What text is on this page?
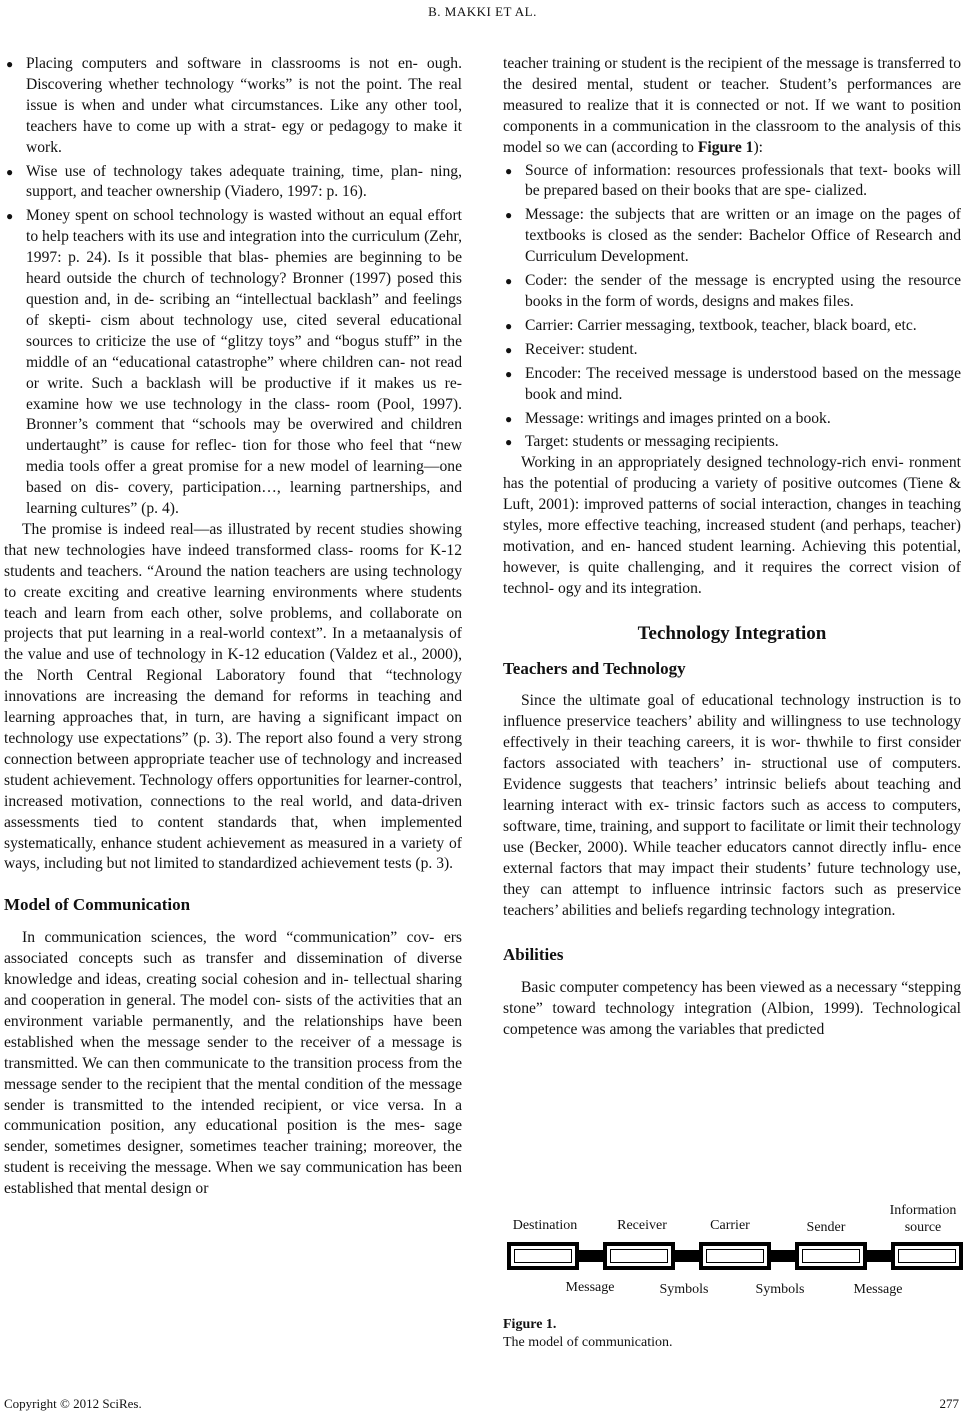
B. MAKKI ET AL.
● Placing computers and software in classrooms is not en- ough. Discovering whether technology “works” is not the point. The real issue is when and under what circumstances. Like any other tool, teachers have to come up with a strat- egy or pedagogy to make it work.
● Wise use of technology takes adequate training, time, plan- ning, support, and teacher ownership (Viadero, 1997: p. 16).
● Money spent on school technology is wasted without an equal effort to help teachers with its use and integration into the curriculum (Zehr, 1997: p. 24). Is it possible that blas- phemies are beginning to be heard outside the church of technology? Bronner (1997) posed this question and, in de- scribing an “intellectual backlash” and feelings of skepti- cism about technology use, cited several educational sources to criticize the use of “glitzy toys” and “bogus stuff” in the middle of an “educational catastrophe” where children can- not read or write. Such a backlash will be productive if it makes us re-examine how we use technology in the class- room (Pool, 1997). Bronner’s comment that “schools may be overwired and children undertaught” is cause for reflec- tion for those who feel that “new media tools offer a great promise for a new model of learning—one based on dis- covery, participation…, learning partnerships, and learning cultures” (p. 4).

The promise is indeed real—as illustrated by recent studies showing that new technologies have indeed transformed class- rooms for K-12 students and teachers. “Around the nation teachers are using technology to create exciting and creative learning environments where students teach and learn from each other, solve problems, and collaborate on projects that put learning in a real-world context”. In a metaanalysis of the value and use of technology in K-12 education (Valdez et al., 2000), the North Central Regional Laboratory found that “technology innovations are increasing the demand for reforms in teaching and learning approaches that, in turn, are having a significant impact on technology use expectations” (p. 3). The report also found a very strong connection between appropriate teacher use of technology and increased student achievement. Technology offers opportunities for learner-control, increased motivation, connections to the real world, and data-driven assessments tied to content standards that, when implemented systematically, enhance student achievement as measured in a variety of ways, including but not limited to standardized achievement tests (p. 3).

Model of Communication

In communication sciences, the word “communication” cov- ers associated concepts such as transfer and dissemination of diverse knowledge and ideas, creating social cohesion and in- tellectual sharing and cooperation in general. The model con- sists of the activities that an environment variable permanently, and the relationships have been established when the message sender to the receiver of a message is transmitted. We can then communicate to the transition process from the message sender to the recipient that the mental condition of the message sender is transmitted to the intended recipient, or vice versa. In a communication position, any educational position is the mes- sage sender, sometimes designer, sometimes teacher training; moreover, the student is receiving the message. When we say communication has been established that mental design or

teacher training or student is the recipient of the message is transferred to the desired mental, student or teacher. Student’s performances are measured to realize that it is connected or not. If we want to position components in a communication in the classroom to the analysis of this model so we can (according to Figure 1):

● Source of information: resources professionals that text- books will be prepared based on their books that are spe- cialized.
● Message: the subjects that are written or an image on the pages of textbooks is closed as the sender: Bachelor Office of Research and Curriculum Development.
● Coder: the sender of the message is encrypted using the resource books in the form of words, designs and makes files.
● Carrier: Carrier messaging, textbook, teacher, black board, etc.
● Receiver: student.
● Encoder: The received message is understood based on the message book and mind.
● Message: writings and images printed on a book.
● Target: students or messaging recipients.

Working in an appropriately designed technology-rich envi- ronment has the potential of producing a variety of positive outcomes (Tiene & Luft, 2001): improved patterns of social interaction, changes in teaching styles, more effective teaching, increased student (and perhaps, teacher) motivation, and en- hanced student learning. Achieving this potential, however, is quite challenging, and it requires the correct vision of technol- ogy and its integration.

Technology Integration
Teachers and Technology

Since the ultimate goal of educational technology instruction is to influence preservice teachers’ ability and willingness to use technology effectively in their teaching careers, it is wor- thwhile to first consider factors associated with teachers’ in- structional use of computers. Evidence suggests that teachers’ intrinsic beliefs about teaching and learning interact with ex- trinsic factors such as access to computers, software, time, training, and support to facilitate or limit their technology use (Becker, 2000). While teacher educators cannot directly influ- ence external factors that may impact their students’ future technology use, they can attempt to influence intrinsic factors such as preservice teachers’ abilities and beliefs regarding technology integration.

Abilities

Basic computer competency has been viewed as a necessary “stepping stone” toward technology integration (Albion, 1999). Technological competence was among the variables that predicted

Destination	Receiver	Carrier	Sender
Information source
Message	Symbols	Symbols	Message
Figure 1.
The model of communication.
Copyright © 2012 SciRes.	277
